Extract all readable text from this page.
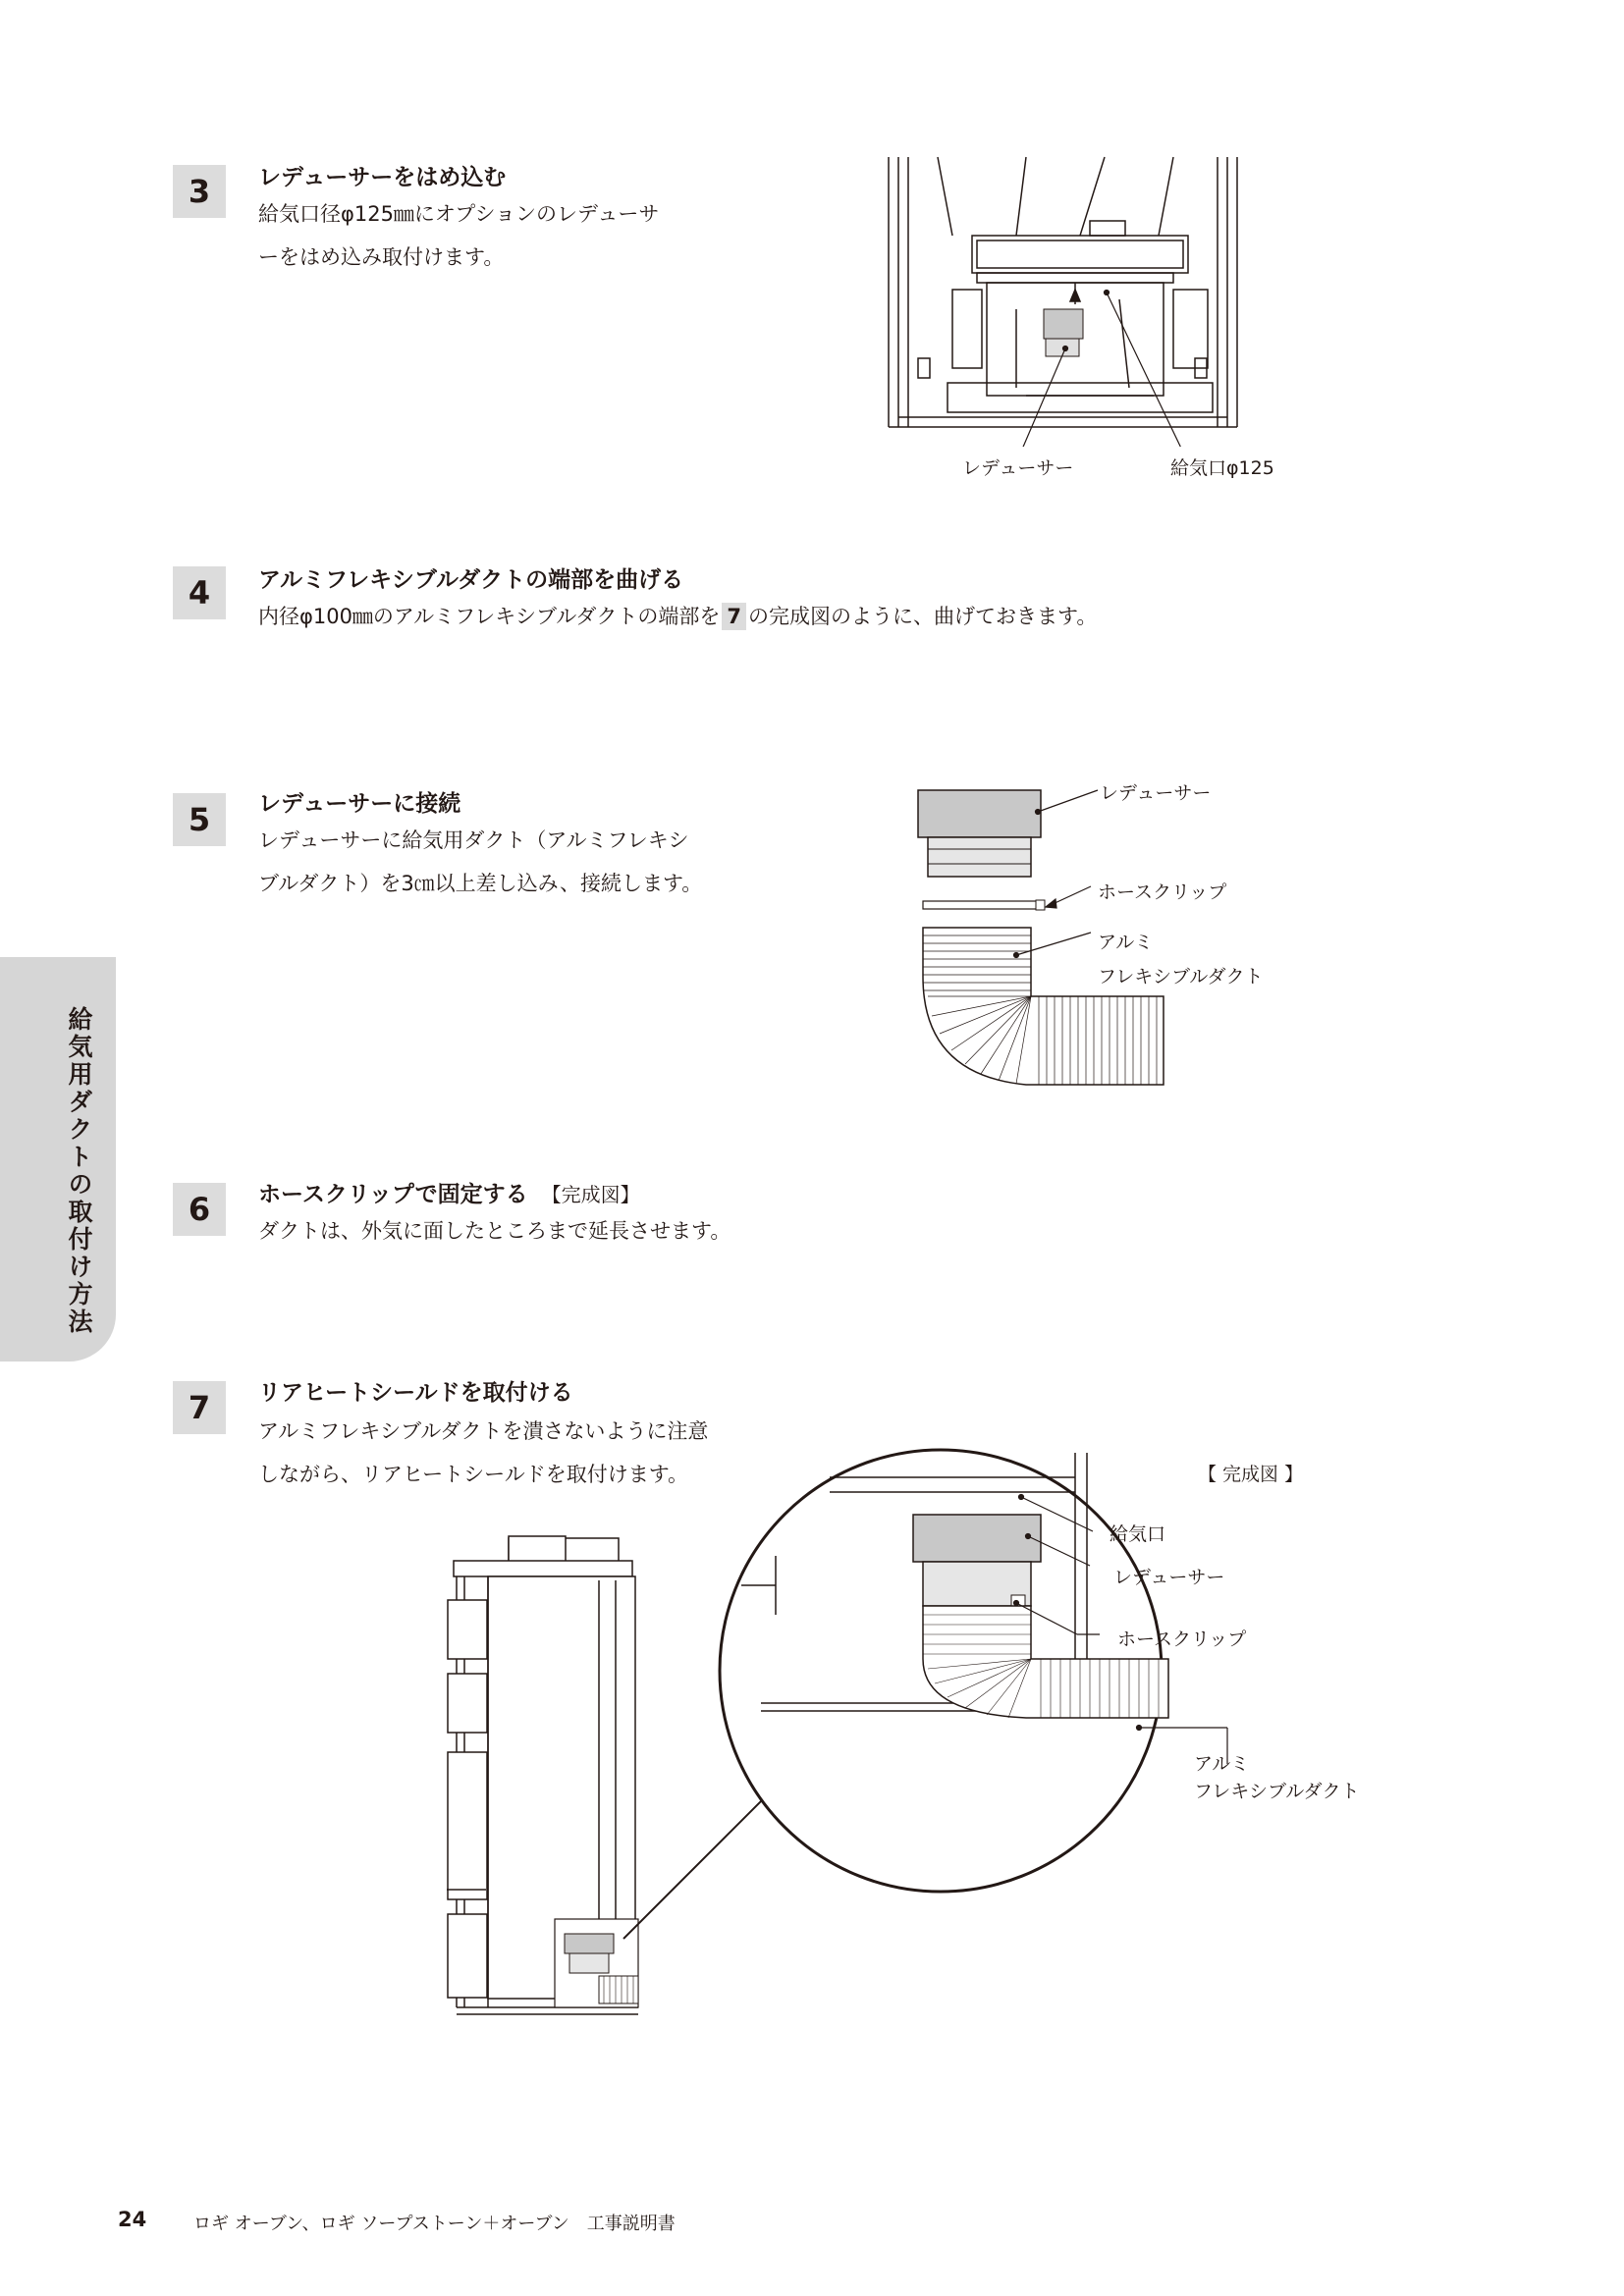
給気用ダクトの取付け方法
3	レデューサーをはめ込む
給気口径φ125㎜にオプションのレデューサ
ーをはめ込み取付けます。
レデューサー	給気口φ125
4	アルミフレキシブルダクトの端部を曲げる
内径φ100㎜のアルミフレキシブルダクトの端部を 7 の完成図のように、曲げておきます。
5	レデューサーに接続
レデューサーに給気用ダクト（アルミフレキシ
ブルダクト）を3㎝以上差し込み、接続します。
レデューサー
ホースクリップ
アルミ
フレキシブルダクト
6	ホースクリップで固定する 【完成図】
ダクトは、外気に面したところまで延長させます。
7	リアヒートシールドを取付ける
アルミフレキシブルダクトを潰さないように注意
しながら、リアヒートシールドを取付けます。	【 完成図 】
給気口
レデューサー
ホースクリップ
アルミ
フレキシブルダクト
24	ロギ オーブン、ロギ ソープストーン＋オーブン　工事説明書
